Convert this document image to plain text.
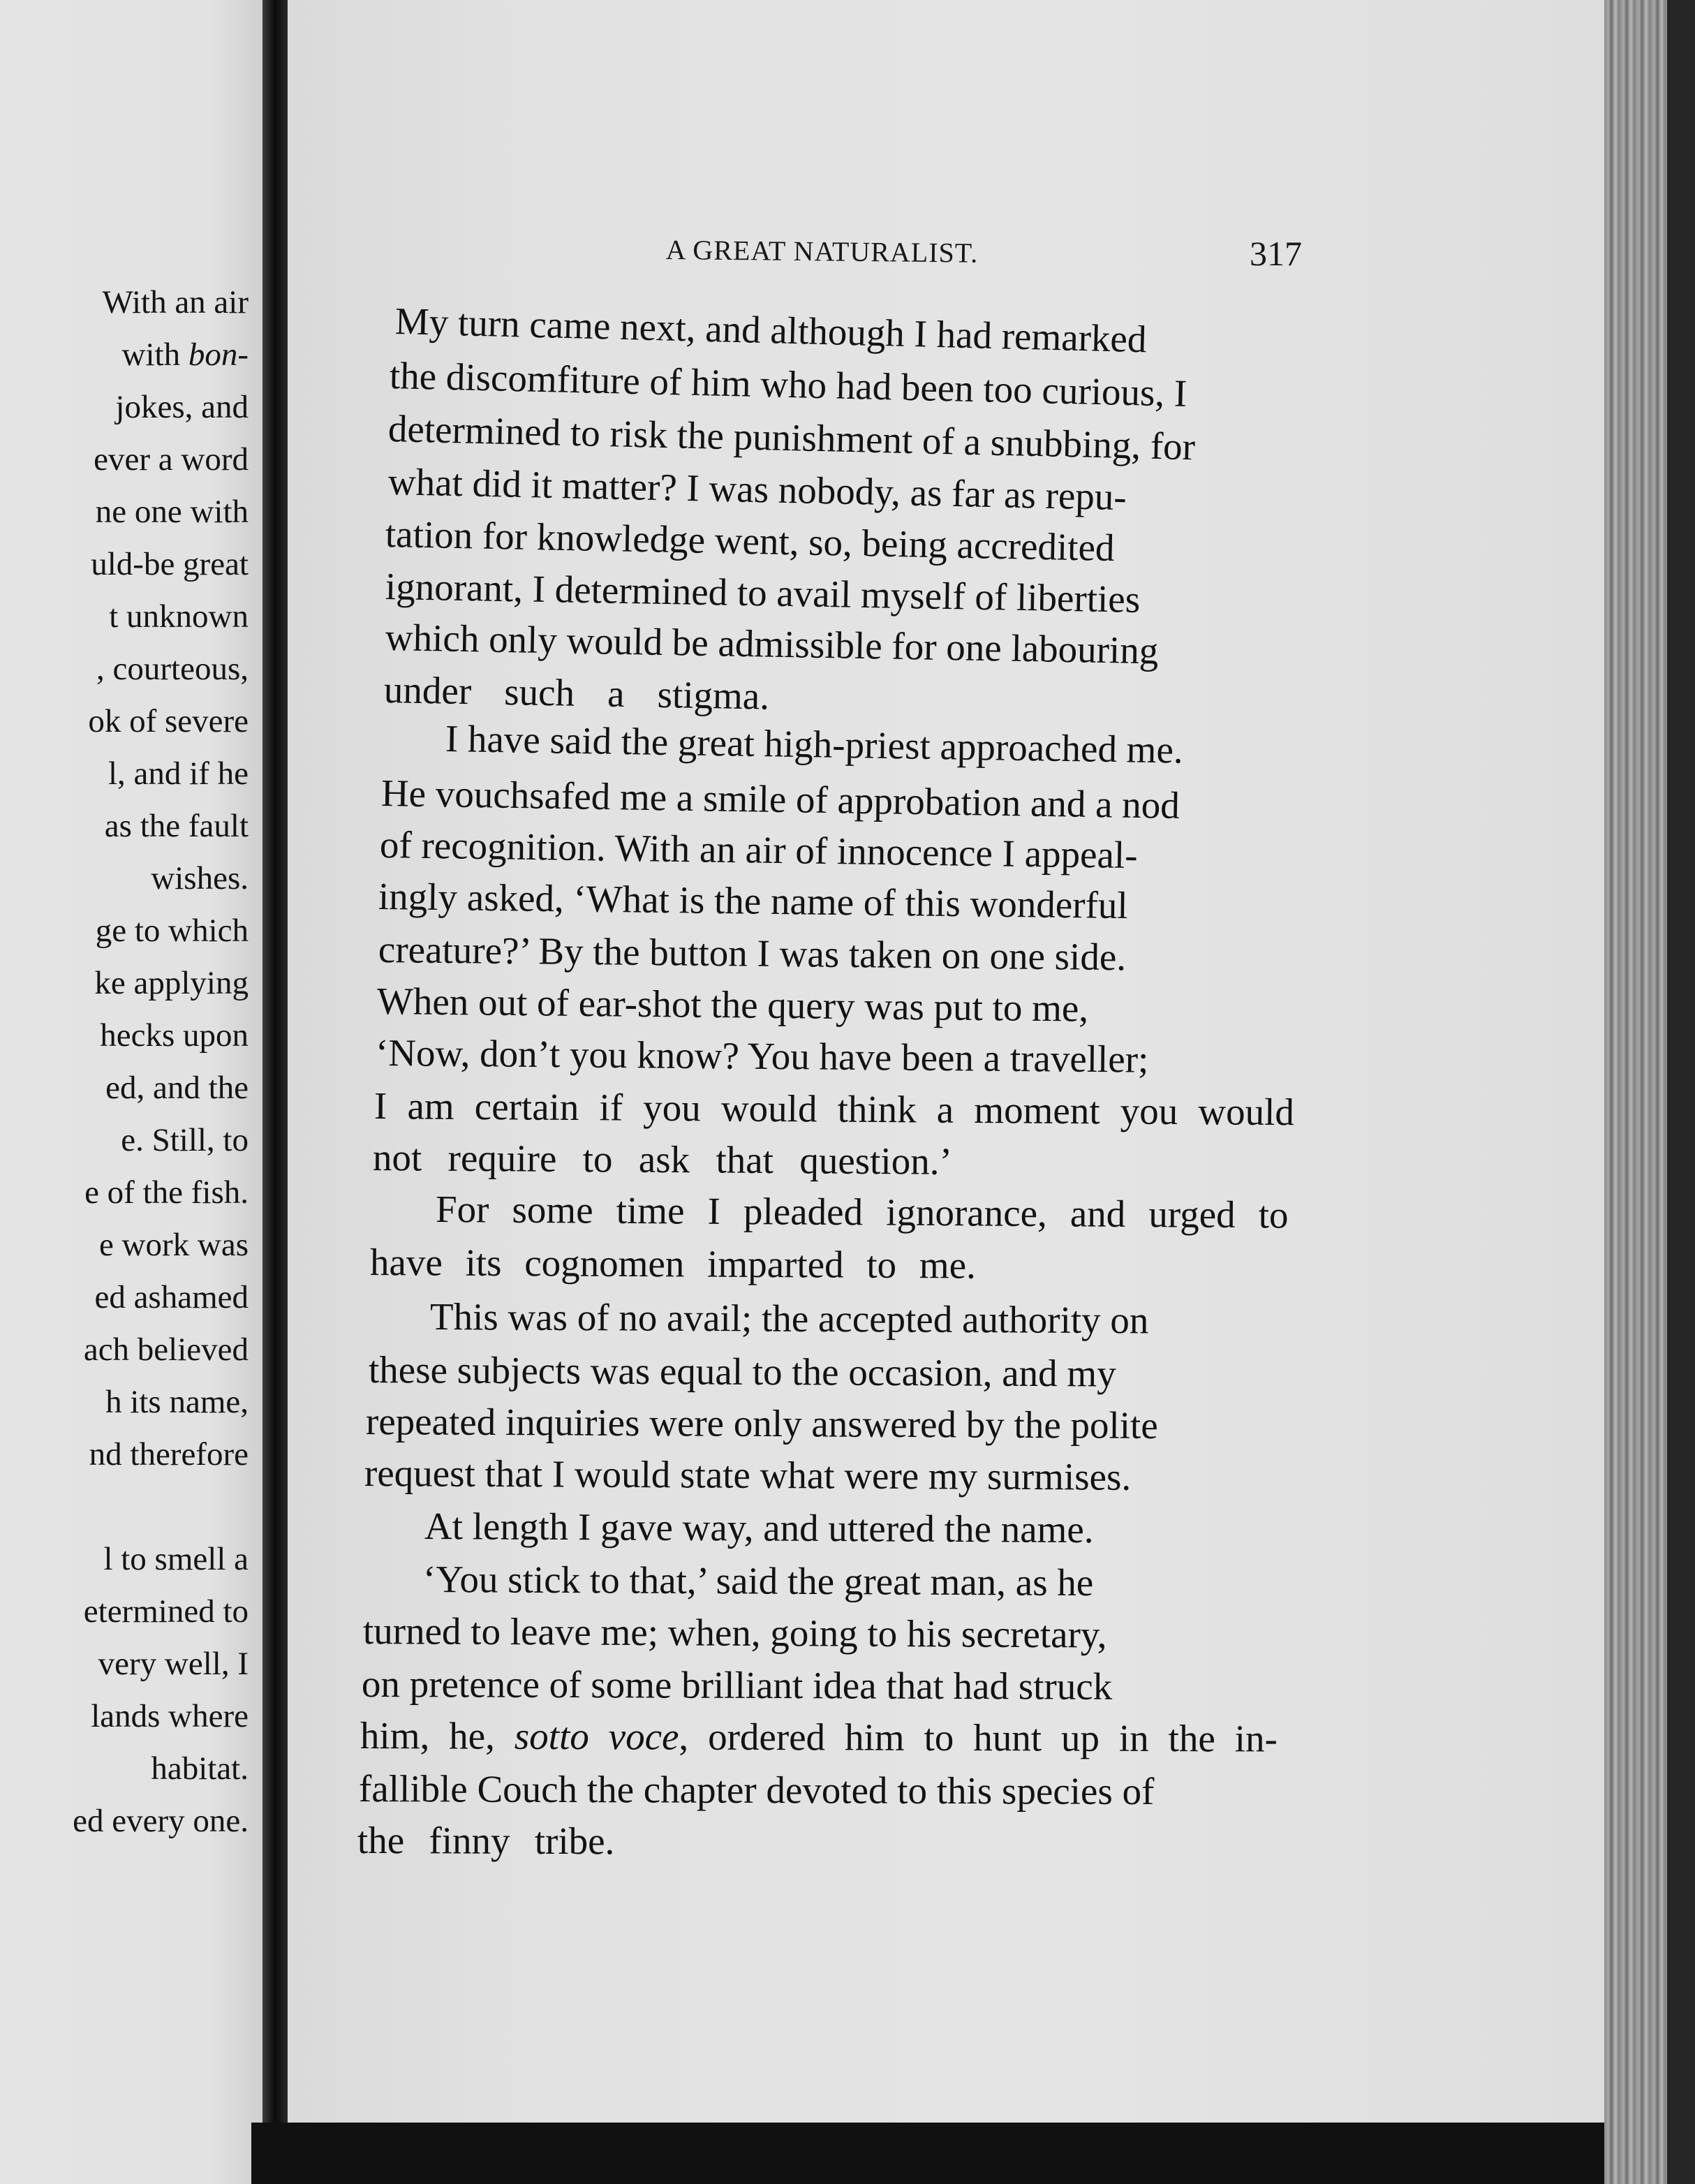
With an air
with bon-
jokes, and
ever a word
ne one with
uld-be great
t unknown
, courteous,
ok of severe
l, and if he
as the fault
wishes.
ge to which
ke applying
hecks upon
ed, and the
e. Still, to
e of the fish.
e work was
ed ashamed
ach believed
h its name,
nd therefore
l to smell a
etermined to
very well, I
lands where
habitat.
ed every one.
A GREAT NATURALIST.	317
My turn came next, and although I had remarked
the discomfiture of him who had been too curious, I
determined to risk the punishment of a snubbing, for
what did it matter? I was nobody, as far as repu-
tation for knowledge went, so, being accredited
ignorant, I determined to avail myself of liberties
which only would be admissible for one labouring
under such a stigma.
I have said the great high-priest approached me.
He vouchsafed me a smile of approbation and a nod
of recognition. With an air of innocence I appeal-
ingly asked, ‘What is the name of this wonderful
creature?’ By the button I was taken on one side.
When out of ear-shot the query was put to me,
‘Now, don’t you know? You have been a traveller;
I am certain if you would think a moment you would
not require to ask that question.’
For some time I pleaded ignorance, and urged to
have its cognomen imparted to me.
This was of no avail; the accepted authority on
these subjects was equal to the occasion, and my
repeated inquiries were only answered by the polite
request that I would state what were my surmises.
At length I gave way, and uttered the name.
‘You stick to that,’ said the great man, as he
turned to leave me; when, going to his secretary,
on pretence of some brilliant idea that had struck
him, he, sotto voce, ordered him to hunt up in the in-
fallible Couch the chapter devoted to this species of
the finny tribe.
